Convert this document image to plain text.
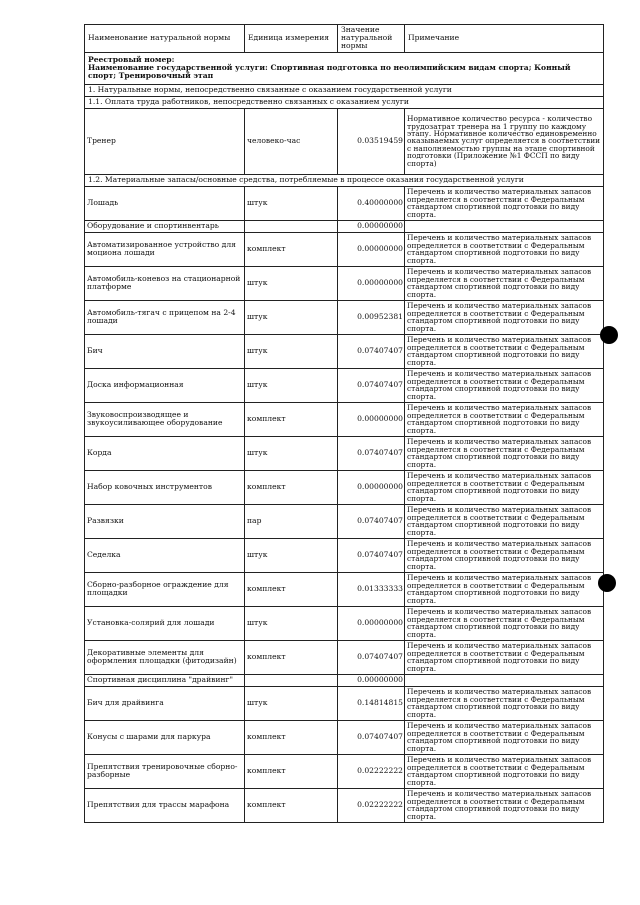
Наименование натуральной нормы	Единица измерения	Значение натуральной нормы	Примечание

Реестровый номер:
Наименование государственной услуги: Спортивная подготовка по неолимпийским видам спорта; Конный спорт; Тренировочный этап			

1. Натуральные нормы, непосредственно связанные с оказанием государственной услуги			
1.1. Оплата труда работников, непосредственно связанных с оказанием услуги			
Тренер	человеко-час	0.03519459	Нормативное количество ресурса - количество трудозатрат тренера на 1 группу по каждому этапу. Нормативное количество единовременно оказываемых услуг определяется в соответствии с наполняемостью группы на этапе спортивной подготовки (Приложение №1 ФССП по виду спорта)
1.2. Материальные запасы/основные средства, потребляемые в процессе оказания государственной услуги			
Лошадь	штук	0.40000000	Перечень и количество материальных запасов определяется в соответствии с Федеральным стандартом спортивной подготовки по виду спорта.
Оборудование и спортинвентарь		0.00000000	
Автоматизированное устройство для моциона лошади	комплект	0.00000000	Перечень и количество материальных запасов определяется в соответствии с Федеральным стандартом спортивной подготовки по виду спорта.
Автомобиль-коневоз на стационарной платформе	штук	0.00000000	Перечень и количество материальных запасов определяется в соответствии с Федеральным стандартом спортивной подготовки по виду спорта.
Автомобиль-тягач с прицепом на 2-4 лошади	штук	0.00952381	Перечень и количество материальных запасов определяется в соответствии с Федеральным стандартом спортивной подготовки по виду спорта.
Бич	штук	0.07407407	Перечень и количество материальных запасов определяется в соответствии с Федеральным стандартом спортивной подготовки по виду спорта.
Доска информационная	штук	0.07407407	Перечень и количество материальных запасов определяется в соответствии с Федеральным стандартом спортивной подготовки по виду спорта.
Звуковоспроизводящее и звукоусиливающее оборудование	комплект	0.00000000	Перечень и количество материальных запасов определяется в соответствии с Федеральным стандартом спортивной подготовки по виду спорта.
Корда	штук	0.07407407	Перечень и количество материальных запасов определяется в соответствии с Федеральным стандартом спортивной подготовки по виду спорта.
Набор ковочных инструментов	комплект	0.00000000	Перечень и количество материальных запасов определяется в соответствии с Федеральным стандартом спортивной подготовки по виду спорта.
Развязки	пар	0.07407407	Перечень и количество материальных запасов определяется в соответствии с Федеральным стандартом спортивной подготовки по виду спорта.
Седелка	штук	0.07407407	Перечень и количество материальных запасов определяется в соответствии с Федеральным стандартом спортивной подготовки по виду спорта.
Сборно-разборное ограждение для площадки	комплект	0.01333333	Перечень и количество материальных запасов определяется в соответствии с Федеральным стандартом спортивной подготовки по виду спорта.
Установка-солярий для лошади	штук	0.00000000	Перечень и количество материальных запасов определяется в соответствии с Федеральным стандартом спортивной подготовки по виду спорта.
Декоративные элементы для оформления площадки (фитодизайн)	комплект	0.07407407	Перечень и количество материальных запасов определяется в соответствии с Федеральным стандартом спортивной подготовки по виду спорта.
Спортивная дисциплина "драйвинг"		0.00000000	
Бич для драйвинга	штук	0.14814815	Перечень и количество материальных запасов определяется в соответствии с Федеральным стандартом спортивной подготовки по виду спорта.
Конусы с шарами для паркура	комплект	0.07407407	Перечень и количество материальных запасов определяется в соответствии с Федеральным стандартом спортивной подготовки по виду спорта.
Препятствия тренировочные сборно-разборные	комплект	0.02222222	Перечень и количество материальных запасов определяется в соответствии с Федеральным стандартом спортивной подготовки по виду спорта.
Препятствия для трассы марафона	комплект	0.02222222	Перечень и количество материальных запасов определяется в соответствии с Федеральным стандартом спортивной подготовки по виду спорта.
